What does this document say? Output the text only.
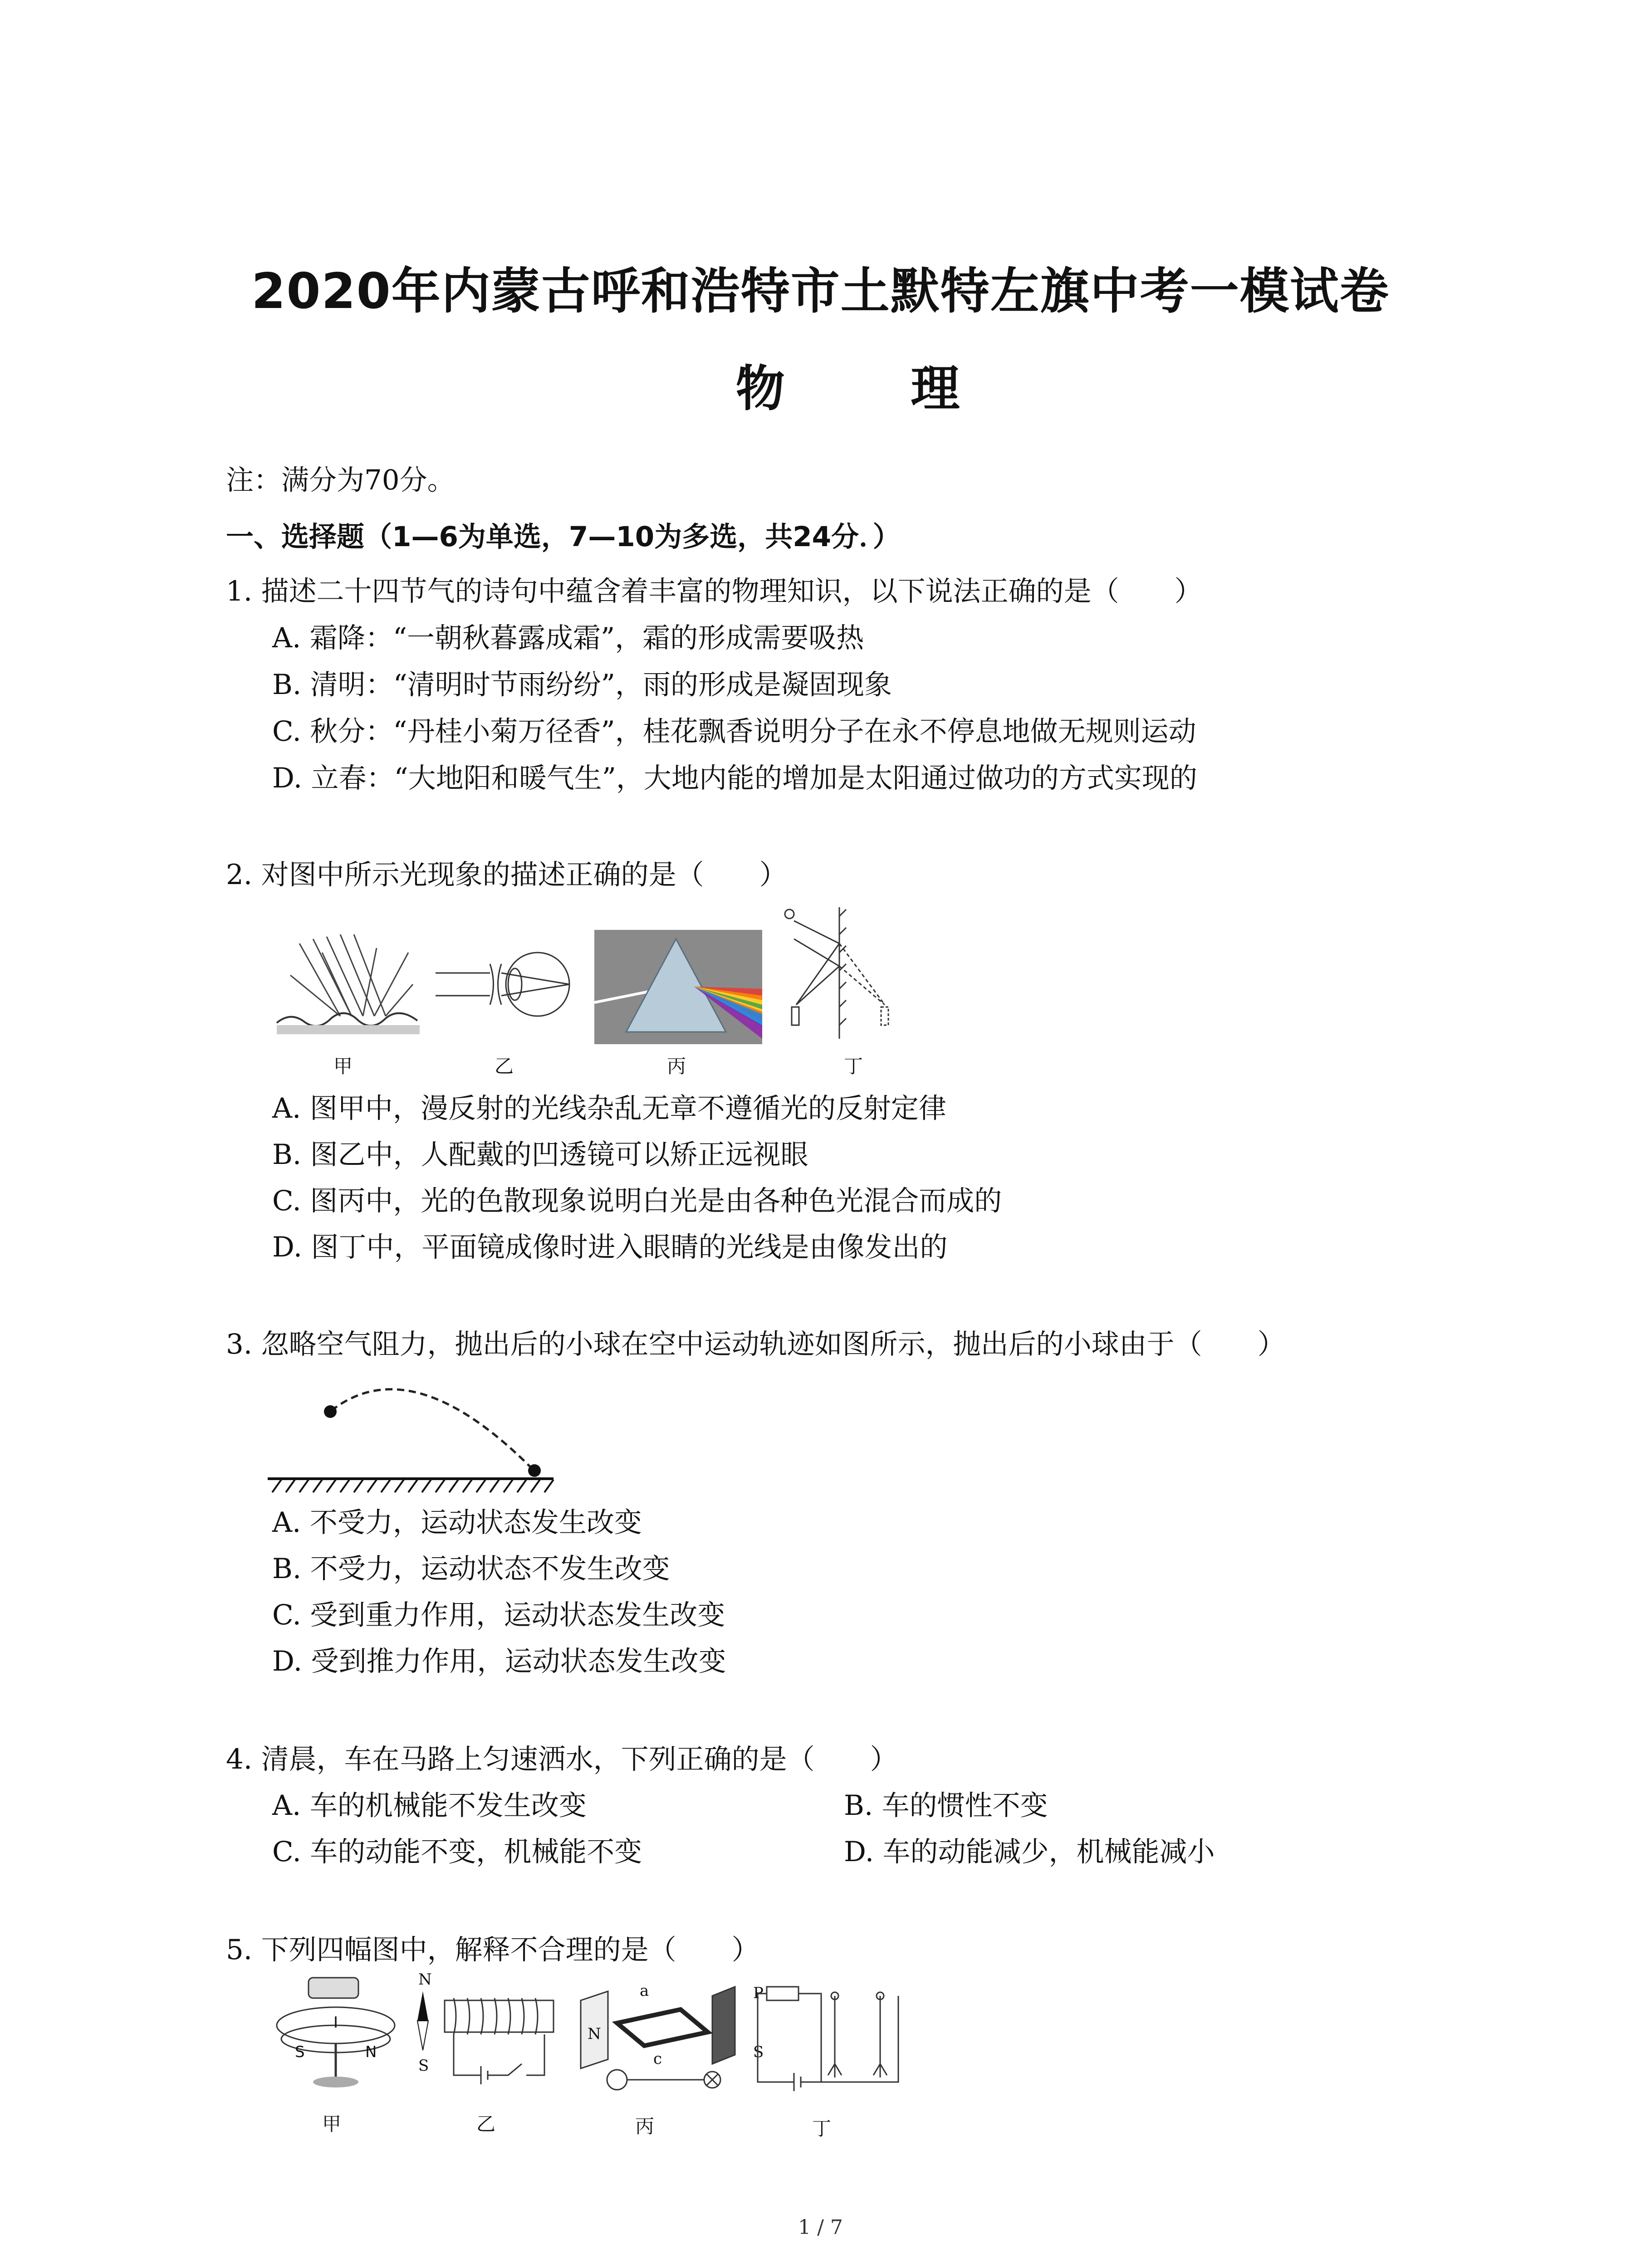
2020年内蒙古呼和浩特市土默特左旗中考一模试卷
物 理
注：满分为70分。
一、选择题（1—6为单选，7—10为多选，共24分．）
1. 描述二十四节气的诗句中蕴含着丰富的物理知识，以下说法正确的是（　　）
A. 霜降：“一朝秋暮露成霜”，霜的形成需要吸热
B. 清明：“清明时节雨纷纷”，雨的形成是凝固现象
C. 秋分：“丹桂小菊万径香”，桂花飘香说明分子在永不停息地做无规则运动
D. 立春：“大地阳和暖气生”，大地内能的增加是太阳通过做功的方式实现的
2. 对图中所示光现象的描述正确的是（　　）
甲	乙	丙	丁
A. 图甲中，漫反射的光线杂乱无章不遵循光的反射定律
B. 图乙中，人配戴的凹透镜可以矫正远视眼
C. 图丙中，光的色散现象说明白光是由各种色光混合而成的
D. 图丁中，平面镜成像时进入眼睛的光线是由像发出的
3. 忽略空气阻力，抛出后的小球在空中运动轨迹如图所示，抛出后的小球由于（　　）
A. 不受力，运动状态发生改变
B. 不受力，运动状态不发生改变
C. 受到重力作用，运动状态发生改变
D. 受到推力作用，运动状态发生改变
4. 清晨，车在马路上匀速洒水，下列正确的是（　　）
A. 车的机械能不发生改变	B. 车的惯性不变
C. 车的动能不变，机械能不变	D. 车的动能减少，机械能减小
5. 下列四幅图中，解释不合理的是（　　）
I
S	N
甲
N
S
乙
N
a
c
丙
P
S
丁
1 / 7
